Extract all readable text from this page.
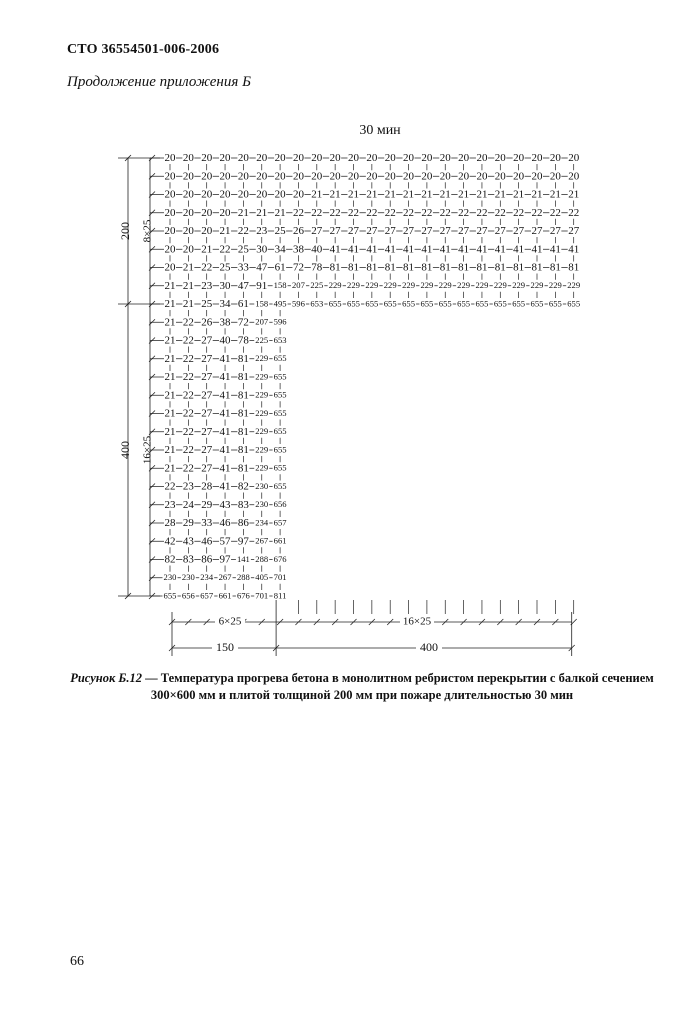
СТО 36554501-006-2006
Продолжение приложения Б
30 мин
20 20 20 20 20 20 20 20 20 20 20 20 20 20 20 20 20 20 20 20 20 20 20
20 20 20 20 20 20 20 20 20 20 20 20 20 20 20 20 20 20 20 20 20 20 20
20 20 20 20 20 20 20 20 21 21 21 21 21 21 21 21 21 21 21 21 21 21 21
20 20 20 20 21 21 21 22 22 22 22 22 22 22 22 22 22 22 22 22 22 22 22
20 20 20 21 22 23 25 26 27 27 27 27 27 27 27 27 27 27 27 27 27 27 27
20 20 21 22 25 30 34 38 40 41 41 41 41 41 41 41 41 41 41 41 41 41 41
20 21 22 25 33 47 61 72 78 81 81 81 81 81 81 81 81 81 81 81 81 81 81
21 21 23 30 47 91 158 207 225 229 229 229 229 229 229 229 229 229 229 229 229 229 229
21 21 25 34 61 158 495 596 653 655 655 655 655 655 655 655 655 655 655 655 655 655 655
21 22 26 38 72 207 596
21 22 27 40 78 225 653
21 22 27 41 81 229 655
21 22 27 41 81 229 655
21 22 27 41 81 229 655
21 22 27 41 81 229 655
21 22 27 41 81 229 655
21 22 27 41 81 229 655
21 22 27 41 81 229 655
22 23 28 41 82 230 655
23 24 29 43 83 230 656
28 29 33 46 86 234 657
42 43 46 57 97 267 661
82 83 86 97 141 288 676
230 230 234 267 288 405 701
655 656 657 661 676 701 811
200
400
8×25
16×25
6×25	16×25
150	400
Рисунок Б.12 — Температура прогрева бетона в монолитном ребристом перекрытии с балкой сечением 300×600 мм и плитой толщиной 200 мм при пожаре длительностью 30 мин
66
